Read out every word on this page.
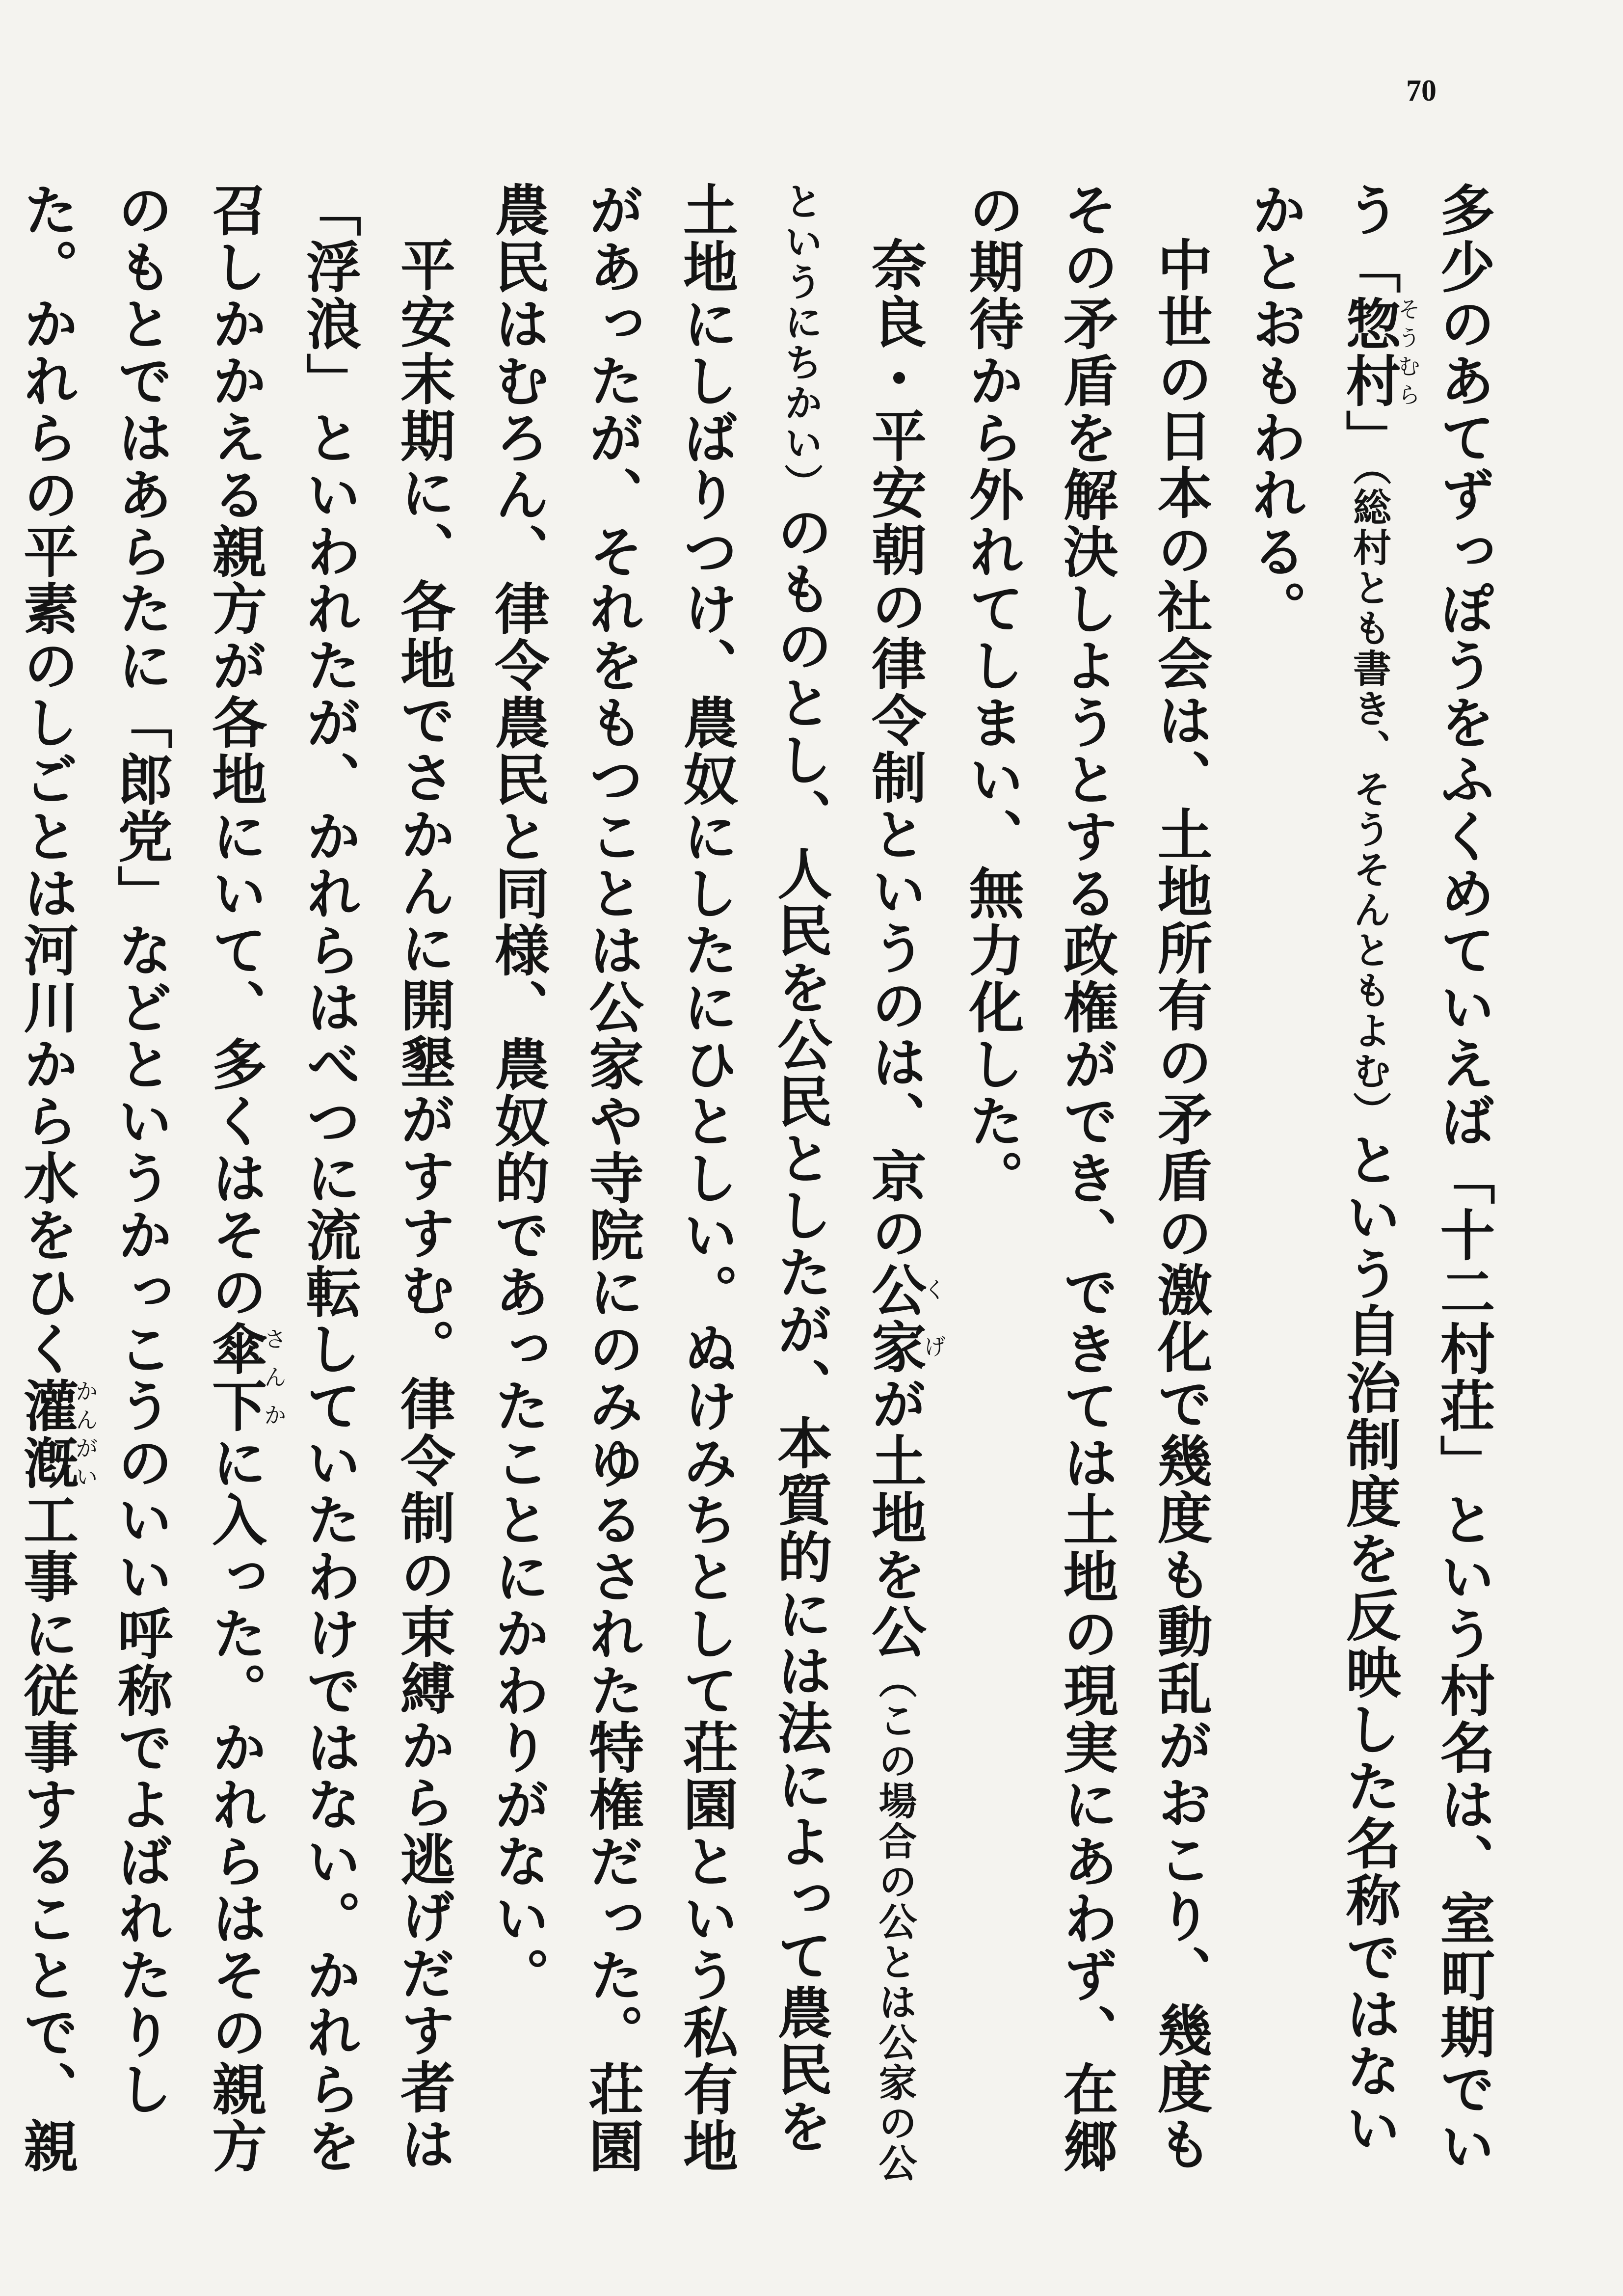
70

多少のあてずっぽうをふくめていえば「十二村荘」という村名は、室町期でいう「惣村そうむら」（総村とも書き、そうそんともよむ）という自治制度を反映した名称ではないかとおもわれる。

中世の日本の社会は、土地所有の矛盾の激化で幾度も動乱がおこり、幾度もその矛盾を解決しようとする政権ができ、できては土地の現実にあわず、在郷の期待から外れてしまい、無力化した。

奈良・平安朝の律令制というのは、京の公家くげが土地を公（この場合の公とは公家の公というにちかい）のものとし、人民を公民としたが、本質的には法によって農民を土地にしばりつけ、農奴にしたにひとしい。ぬけみちとして荘園という私有地があったが、それをもつことは公家や寺院にのみゆるされた特権だった。荘園農民はむろん、律令農民と同様、農奴的であったことにかわりがない。

平安末期に、各地でさかんに開墾がすすむ。律令制の束縛から逃げだす者は「浮浪」といわれたが、かれらはべつに流転していたわけではない。かれらを召しかかえる親方が各地にいて、多くはその傘下さんかに入った。かれらはその親方のもとではあらたに「郎党」などというかっこうのいい呼称でよばれたりした。かれらの平素のしごとは河川から水をひく灌漑かんがい工事に従事することで、親
